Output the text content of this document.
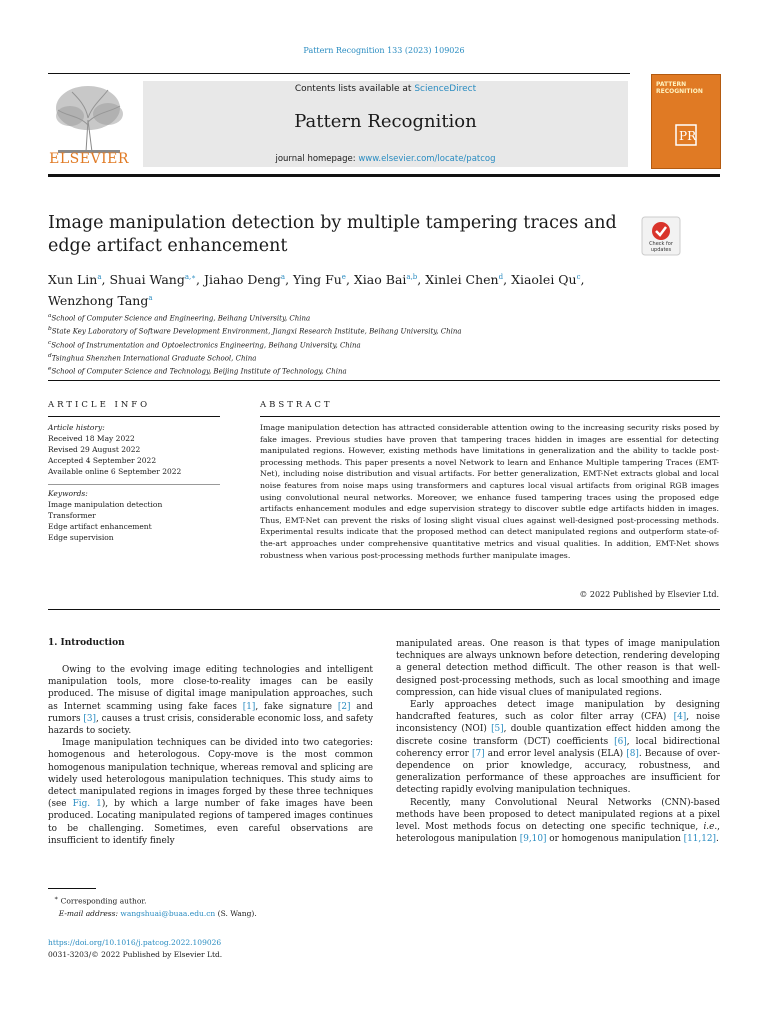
Pattern Recognition 133 (2023) 109026
ELSEVIER
Contents lists available at ScienceDirect
Pattern Recognition
journal homepage: www.elsevier.com/locate/patcog
PATTERN RECOGNITION
PR
Image manipulation detection by multiple tampering traces and edge artifact enhancement	Check for updates
Xun Lin$^a$, Shuai Wang$^{a,∗}$, Jiahao Deng$^a$, Ying Fu$^e$, Xiao Bai$^{a,b}$, Xinlei Chen$^d$, Xiaolei Qu$^c$, Wenzhong Tang$^a$
$^a$School of Computer Science and Engineering, Beihang University, China
$^b$State Key Laboratory of Software Development Environment, Jiangxi Research Institute, Beihang University, China
$^c$School of Instrumentation and Optoelectronics Engineering, Beihang University, China
$^d$Tsinghua Shenzhen International Graduate School, China
$^e$School of Computer Science and Technology, Beijing Institute of Technology, China
ARTICLE INFO	ABSTRACT
Article history:
Received 18 May 2022
Revised 29 August 2022
Accepted 4 September 2022
Available online 6 September 2022
Keywords:
Image manipulation detection
Transformer
Edge artifact enhancement
Edge supervision
Image manipulation detection has attracted considerable attention owing to the increasing security risks posed by fake images. Previous studies have proven that tampering traces hidden in images are essential for detecting manipulated regions. However, existing methods have limitations in generalization and the ability to tackle post-processing methods. This paper presents a novel Network to learn and Enhance Multiple tampering Traces (EMT-Net), including noise distribution and visual artifacts. For better generalization, EMT-Net extracts global and local noise features from noise maps using transformers and captures local visual artifacts from original RGB images using convolutional neural networks. Moreover, we enhance fused tampering traces using the proposed edge artifacts enhancement modules and edge supervision strategy to discover subtle edge artifacts hidden in images. Thus, EMT-Net can prevent the risks of losing slight visual clues against well-designed post-processing methods. Experimental results indicate that the proposed method can detect manipulated regions and outperform state-of-the-art approaches under comprehensive quantitative metrics and visual qualities. In addition, EMT-Net shows robustness when various post-processing methods further manipulate images.
© 2022 Published by Elsevier Ltd.
1. Introduction

Owing to the evolving image editing technologies and intelligent manipulation tools, more close-to-reality images can be easily produced. The misuse of digital image manipulation approaches, such as Internet scamming using fake faces [1], fake signature [2] and rumors [3], causes a trust crisis, considerable economic loss, and safety hazards to society.

Image manipulation techniques can be divided into two categories: homogenous and heterologous. Copy-move is the most common homogenous manipulation technique, whereas removal and splicing are widely used heterologous manipulation techniques. This study aims to detect manipulated regions in images forged by these three techniques (see Fig. 1), by which a large number of fake images have been produced. Locating manipulated regions of tampered images continues to be challenging. Sometimes, even careful observations are insufficient to identify finely

manipulated areas. One reason is that types of image manipulation techniques are always unknown before detection, rendering developing a general detection method difficult. The other reason is that well-designed post-processing methods, such as local smoothing and image compression, can hide visual clues of manipulated regions.

Early approaches detect image manipulation by designing handcrafted features, such as color filter array (CFA) [4], noise inconsistency (NOI) [5], double quantization effect hidden among the discrete cosine transform (DCT) coefficients [6], local bidirectional coherency error [7] and error level analysis (ELA) [8]. Because of over-dependence on prior knowledge, accuracy, robustness, and generalization performance of these approaches are insufficient for detecting rapidly evolving manipulation techniques.

Recently, many Convolutional Neural Networks (CNN)-based methods have been proposed to detect manipulated regions at a pixel level. Most methods focus on detecting one specific technique, i.e., heterologous manipulation [9,10] or homogenous manipulation [11,12].

∗ Corresponding author.
E-mail address: wangshuai@buaa.edu.cn (S. Wang).
https://doi.org/10.1016/j.patcog.2022.109026
0031-3203/© 2022 Published by Elsevier Ltd.
